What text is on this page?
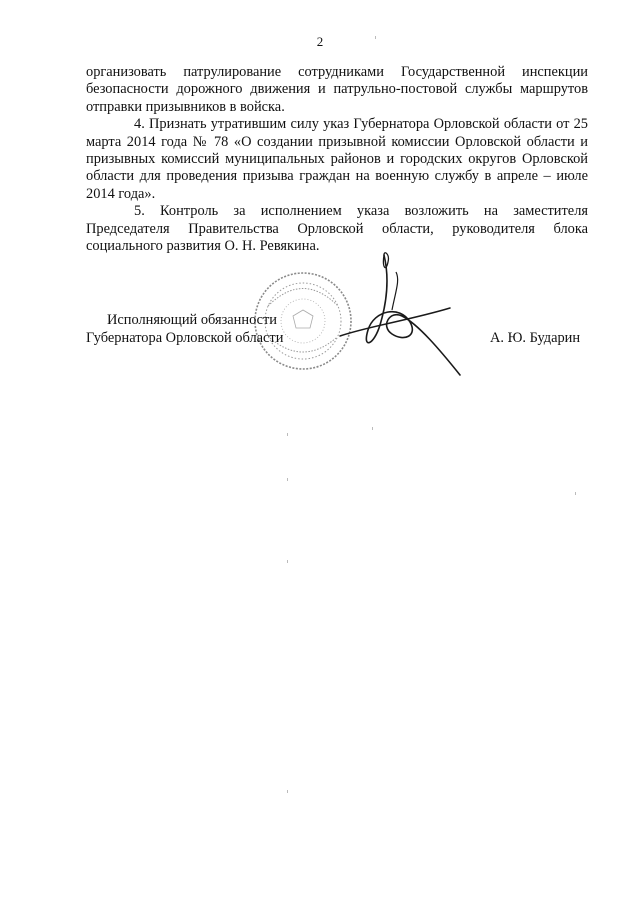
2

организовать патрулирование сотрудниками Государственной инспекции безопасности дорожного движения и патрульно-постовой службы маршрутов отправки призывников в войска.

4. Признать утратившим силу указ Губернатора Орловской области от 25 марта 2014 года № 78 «О создании призывной комиссии Орловской области и призывных комиссий муниципальных районов и городских округов Орловской области для проведения призыва граждан на военную службу в апреле – июле 2014 года».

5. Контроль за исполнением указа возложить на заместителя Председателя Правительства Орловской области, руководителя блока социального развития О. Н. Ревякина.

Исполняющий обязанности
Губернатора Орловской области	А. Ю. Бударин
